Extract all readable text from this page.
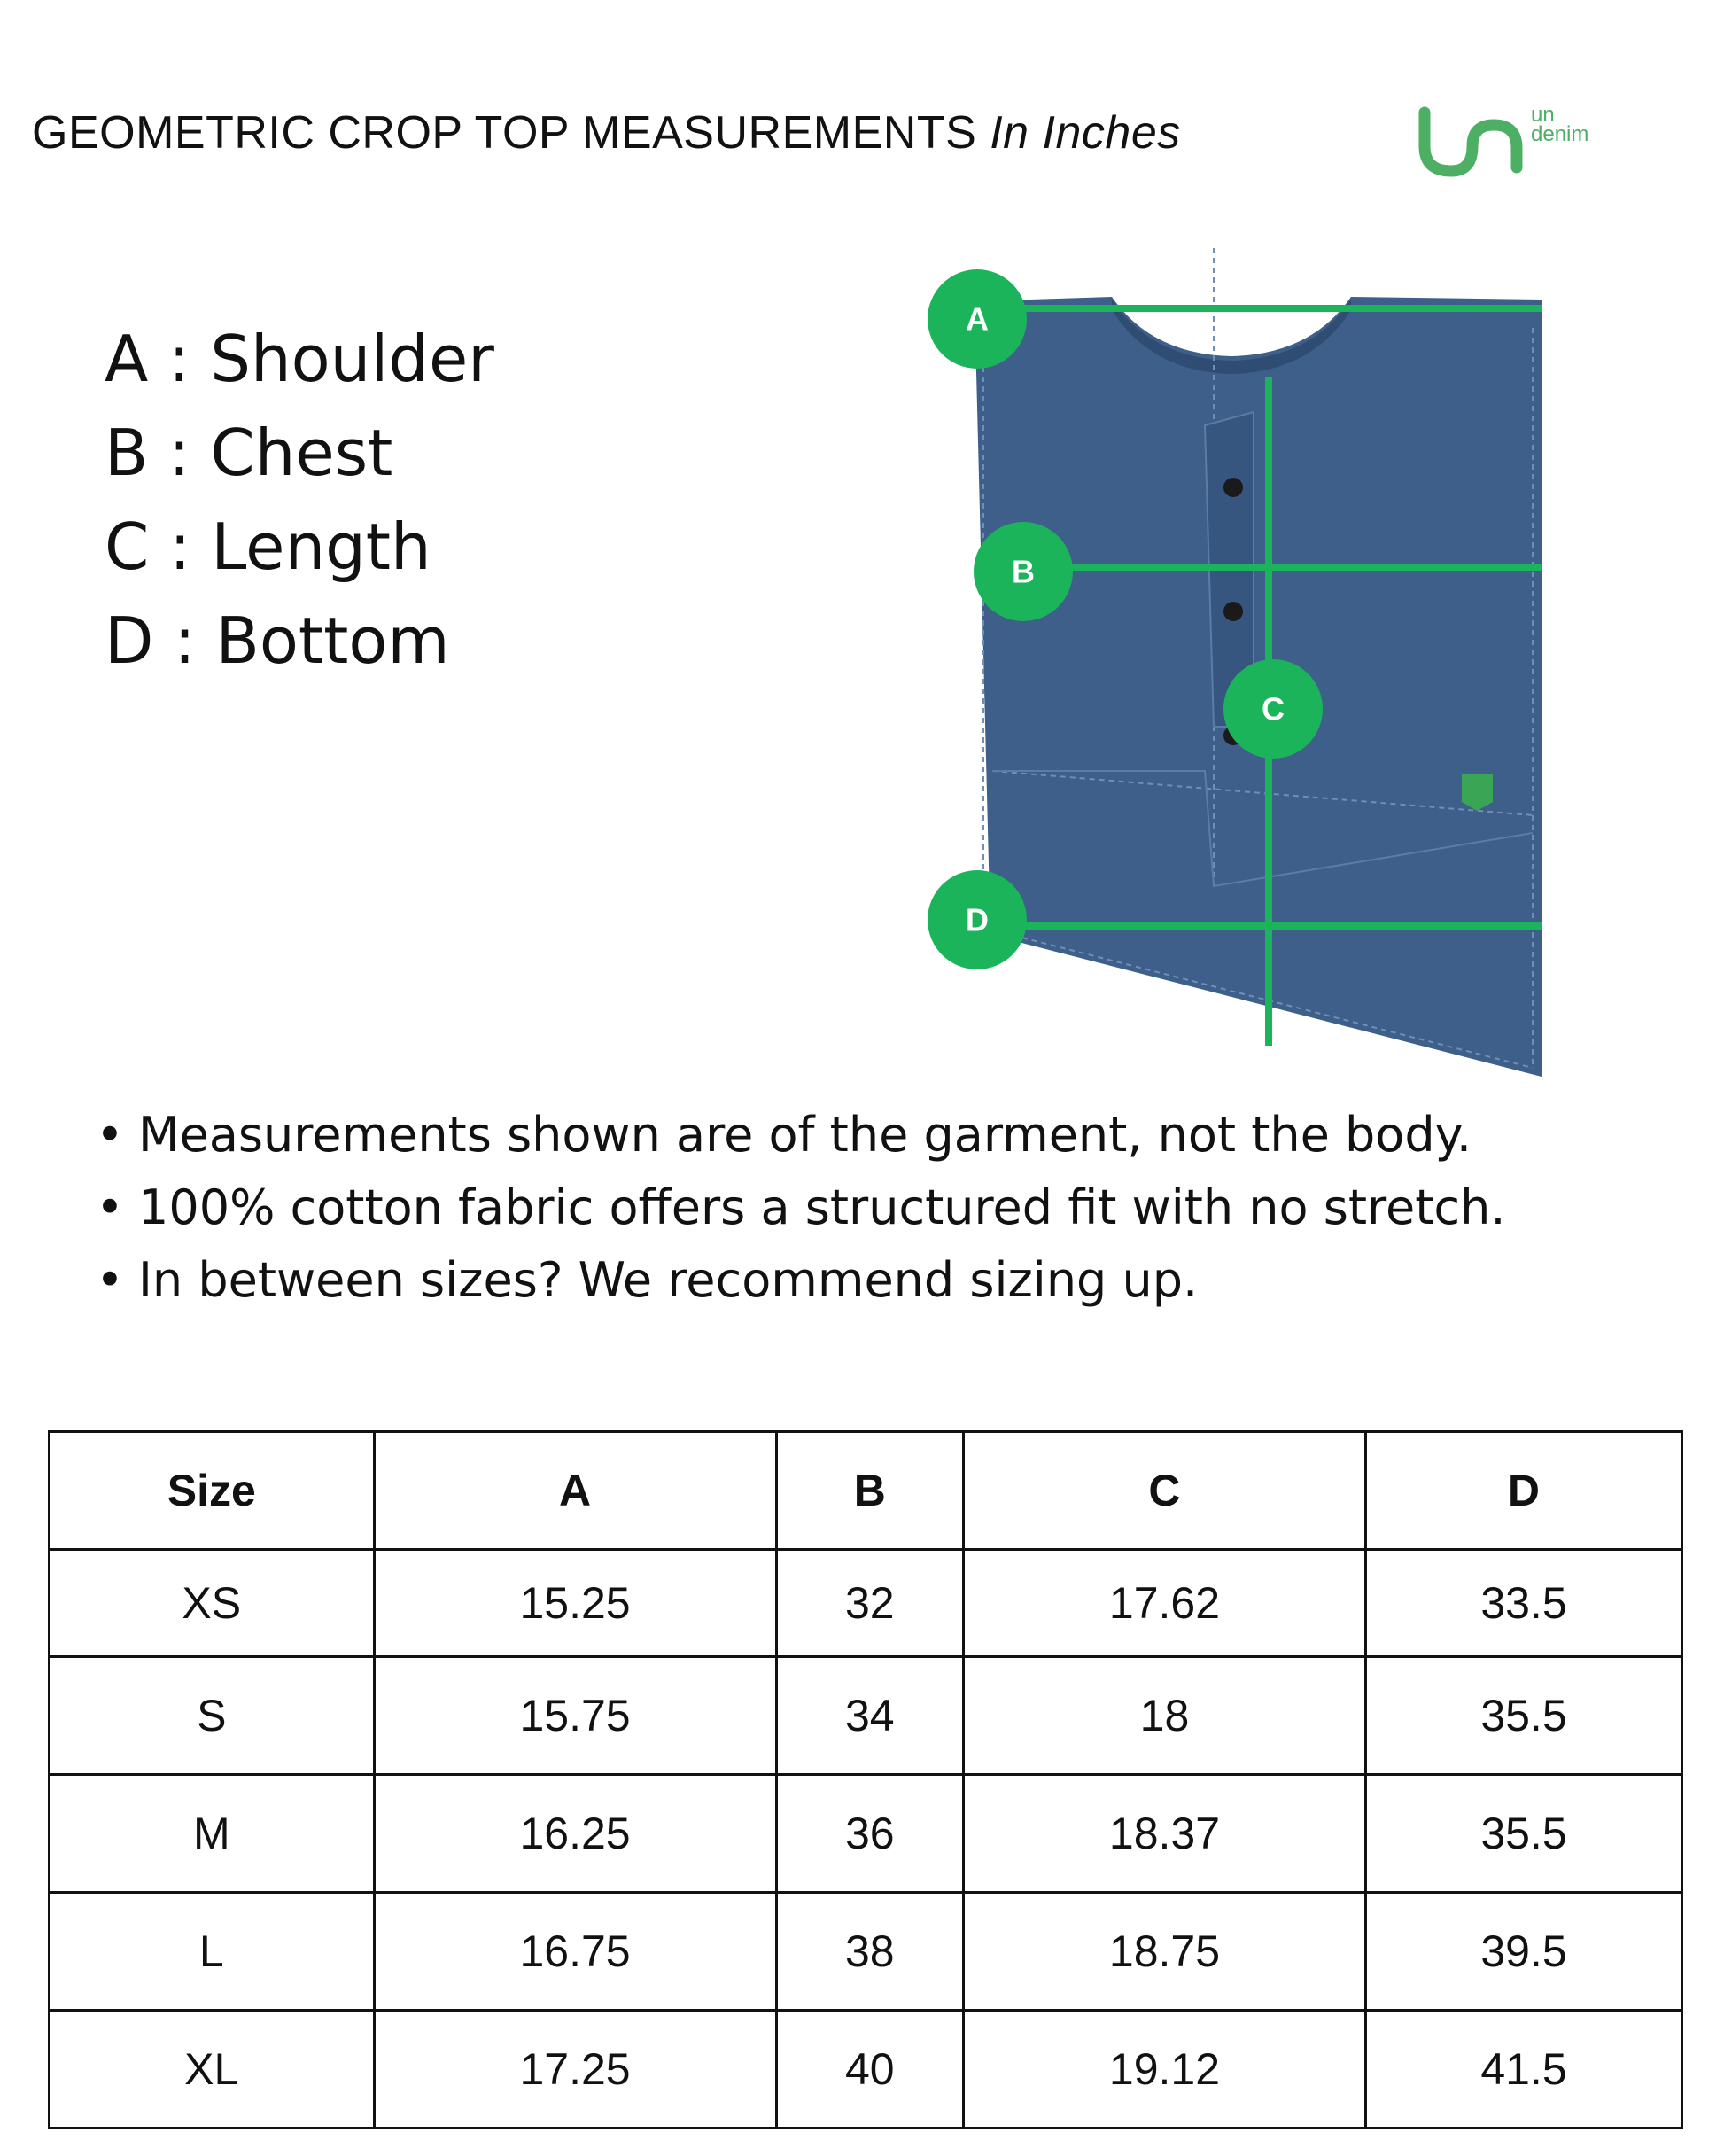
GEOMETRIC CROP TOP MEASUREMENTS In Inches	un
denim
A : Shoulder
B : Chest
C : Length
D : Bottom
A
B
C
D
• Measurements shown are of the garment, not the body.
• 100% cotton fabric offers a structured fit with no stretch.
• In between sizes? We recommend sizing up.
Size	A	B	C	D
XS	15.25	32	17.62	33.5
S	15.75	34	18	35.5
M	16.25	36	18.37	35.5
L	16.75	38	18.75	39.5
XL	17.25	40	19.12	41.5
